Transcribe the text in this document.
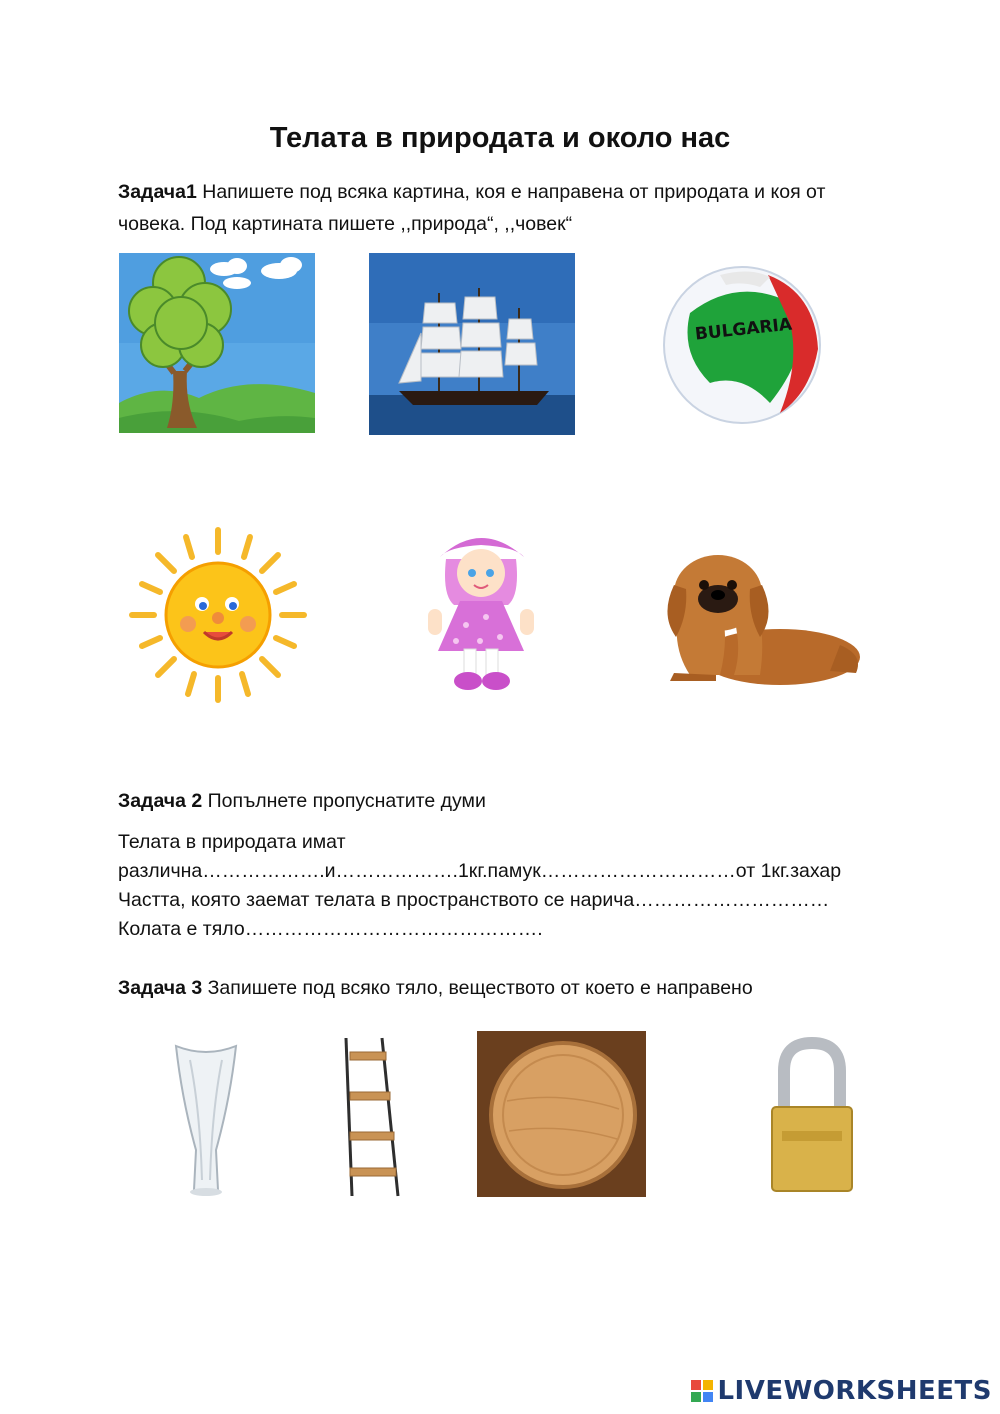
Телата в природата и около нас
Задача1 Напишете под всяка картина, коя е направена от природата и коя от човека. Под картината пишете ,,природа“, ,,човек“
BULGARIA
Задача 2 Попълнете пропуснатите думи
Телата в природата имат
различна……………….и……………….1кг.памук…………………………от 1кг.захар
Частта, която заемат телата в пространството се нарича…………………………
Колата е тяло……………………………………….
Задача 3 Запишете под всяко тяло, веществото от което е направено
LIVEWORKSHEETS
